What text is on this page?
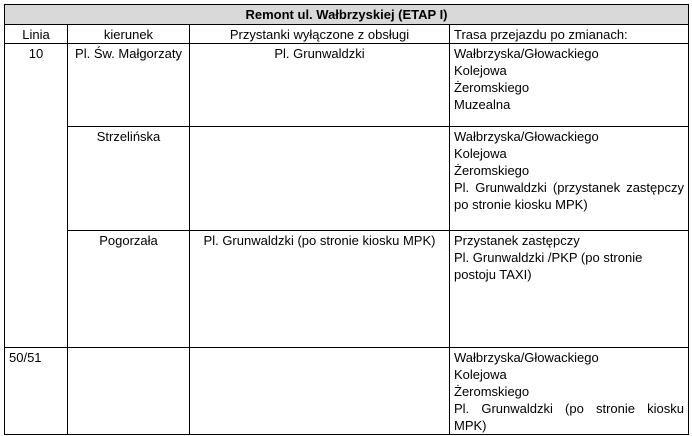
Remont ul. Wałbrzyskiej (ETAP I)			
Linia	kierunek	Przystanki wyłączone z obsługi	Trasa przejazdu po zmianach:
10	Pl. Św. Małgorzaty	Pl. Grunwaldzki	Wałbrzyska/Głowackiego
Kolejowa
Żeromskiego
Muzealna

	Strzelińska		Wałbrzyska/Głowackiego
Kolejowa
Żeromskiego
Pl. Grunwaldzki (przystanek zastępczy po stronie kiosku MPK)

	Pogorzała	Pl. Grunwaldzki (po stronie kiosku MPK)	Przystanek zastępczy
Pl. Grunwaldzki /PKP (po stronie postoju TAXI)

50/51			Wałbrzyska/Głowackiego
Kolejowa
Żeromskiego
Pl. Grunwaldzki (po stronie kiosku MPK)
